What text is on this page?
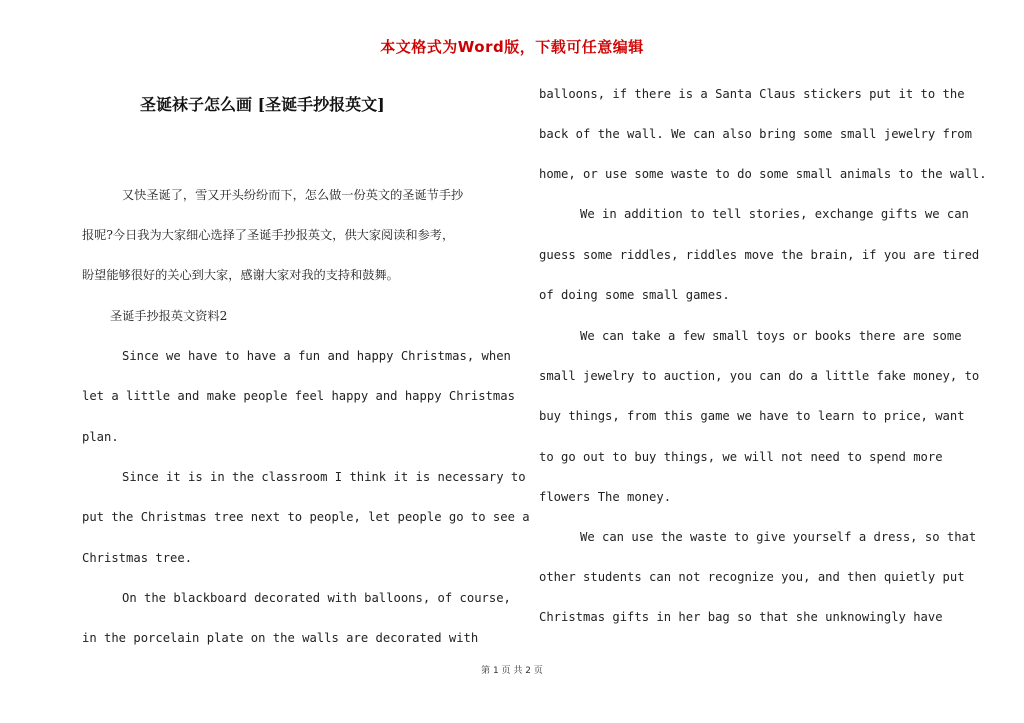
本文格式为Word版，下载可任意编辑
圣诞袜子怎么画 [圣诞手抄报英文]
又快圣诞了，雪又开头纷纷而下，怎么做一份英文的圣诞节手抄
报呢?今日我为大家细心选择了圣诞手抄报英文，供大家阅读和参考，
盼望能够很好的关心到大家，感谢大家对我的支持和鼓舞。
圣诞手抄报英文资料2
Since we have to have a fun and happy Christmas, when
let a little and make people feel happy and happy Christmas
plan.
Since it is in the classroom I think it is necessary to
put the Christmas tree next to people, let people go to see a
Christmas tree.
On the blackboard decorated with balloons, of course,
in the porcelain plate on the walls are decorated with
balloons, if there is a Santa Claus stickers put it to the
back of the wall. We can also bring some small jewelry from
home, or use some waste to do some small animals to the wall.
We in addition to tell stories, exchange gifts we can
guess some riddles, riddles move the brain, if you are tired
of doing some small games.
We can take a few small toys or books there are some
small jewelry to auction, you can do a little fake money, to
buy things, from this game we have to learn to price, want
to go out to buy things, we will not need to spend more
flowers The money.
We can use the waste to give yourself a dress, so that
other students can not recognize you, and then quietly put
Christmas gifts in her bag so that she unknowingly have
第 1 页 共 2 页
